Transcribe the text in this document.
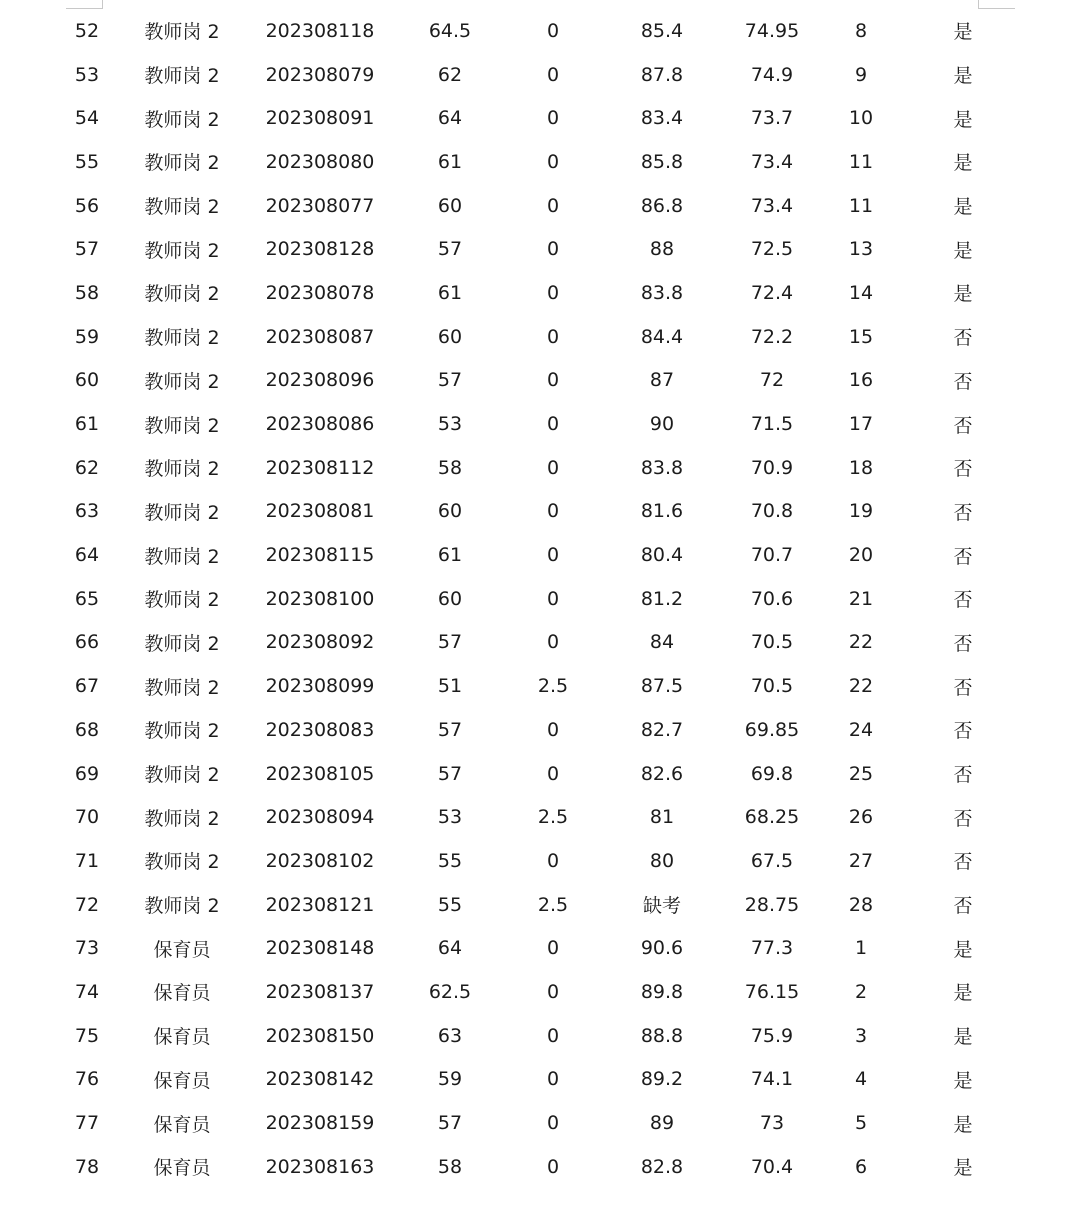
52	教师岗 2	202308118	64.5	0	85.4	74.95	8	是
53	教师岗 2	202308079	62	0	87.8	74.9	9	是
54	教师岗 2	202308091	64	0	83.4	73.7	10	是
55	教师岗 2	202308080	61	0	85.8	73.4	11	是
56	教师岗 2	202308077	60	0	86.8	73.4	11	是
57	教师岗 2	202308128	57	0	88	72.5	13	是
58	教师岗 2	202308078	61	0	83.8	72.4	14	是
59	教师岗 2	202308087	60	0	84.4	72.2	15	否
60	教师岗 2	202308096	57	0	87	72	16	否
61	教师岗 2	202308086	53	0	90	71.5	17	否
62	教师岗 2	202308112	58	0	83.8	70.9	18	否
63	教师岗 2	202308081	60	0	81.6	70.8	19	否
64	教师岗 2	202308115	61	0	80.4	70.7	20	否
65	教师岗 2	202308100	60	0	81.2	70.6	21	否
66	教师岗 2	202308092	57	0	84	70.5	22	否
67	教师岗 2	202308099	51	2.5	87.5	70.5	22	否
68	教师岗 2	202308083	57	0	82.7	69.85	24	否
69	教师岗 2	202308105	57	0	82.6	69.8	25	否
70	教师岗 2	202308094	53	2.5	81	68.25	26	否
71	教师岗 2	202308102	55	0	80	67.5	27	否
72	教师岗 2	202308121	55	2.5	缺考	28.75	28	否
73	保育员	202308148	64	0	90.6	77.3	1	是
74	保育员	202308137	62.5	0	89.8	76.15	2	是
75	保育员	202308150	63	0	88.8	75.9	3	是
76	保育员	202308142	59	0	89.2	74.1	4	是
77	保育员	202308159	57	0	89	73	5	是
78	保育员	202308163	58	0	82.8	70.4	6	是
